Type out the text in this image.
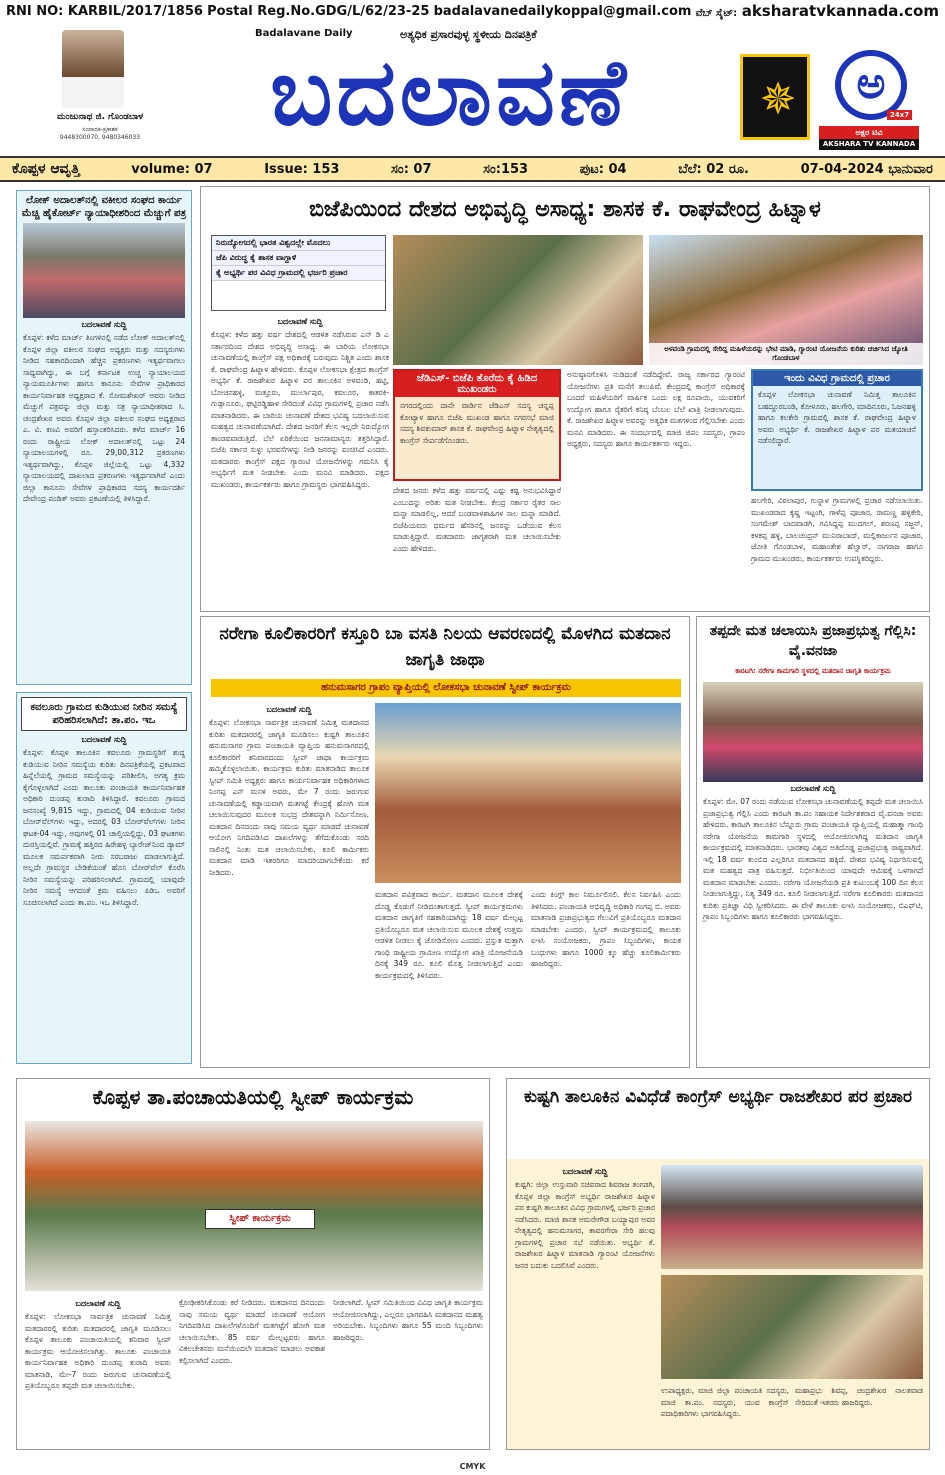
RNI NO: KARBIL/2017/1856 Postal Reg.No.GDG/L/62/23-25 badalavanedailykoppal@gmail.com ವೆಬ್ ಸೈಟ್: aksharatvkannada.com
ಮಂಜುನಾಥ ಜಿ. ಗೊಂಡಬಾಳ
ಸಂಪಾದಕ-ಪ್ರಕಾಶಕ
9448300070, 9480346033
Badalavane Daily	ಅತ್ಯಧಿಕ ಪ್ರಸಾರವುಳ್ಳ ಸ್ಥಳೀಯ ದಿನಪತ್ರಿಕೆ
ಬದಲಾವಣೆ	✵	ಅ
24x7
ಅಕ್ಷರ ಟಿವಿ
AKSHARA TV KANNADA
ಕೊಪ್ಪಳ ಆವೃತ್ತಿ	volume: 07	Issue: 153	ಸಂ: 07	ಸಂ:153	ಪುಟ: 04	ಬೆಲೆ: 02 ರೂ.	07-04-2024 ಭಾನುವಾರ
ಲೋಕ್ ಅದಾಲತ್‌ನಲ್ಲಿ ವಕೀಲರ ಸಂಘದ ಕಾರ್ಯ ಮೆಚ್ಚಿ ಹೈಕೋರ್ಟ್ ನ್ಯಾಯಾಧೀಶರಿಂದ ಮೆಚ್ಚುಗೆ ಪತ್ರ
ಬದಲಾವಣೆ ಸುದ್ದಿ
ಕೊಪ್ಪಳ: ಕಳೆದ ಮಾರ್ಚ್ ತಿಂಗಳಿನಲ್ಲಿ ನಡೆದ ಲೋಕ್ ಅದಾಲತ್‌ನಲ್ಲಿ ಕೊಪ್ಪಳ ಜಿಲ್ಲಾ ವಕೀಲರ ಸಂಘದ ಅಧ್ಯಕ್ಷರು ಮತ್ತು ಸದಸ್ಯರುಗಳು ನೀಡಿದ ಸಹಕಾರದಿಂದಾಗಿ ಹೆಚ್ಚಿನ ಪ್ರಕರಣಗಳು ಇತ್ಯರ್ಥವಾಗಲು ಸಾಧ್ಯವಾಗಿದ್ದು, ಈ ಬಗ್ಗೆ ಕರ್ನಾಟಕ ಉಚ್ಚ ನ್ಯಾಯಾಲಯದ ನ್ಯಾಯಮೂರ್ತಿಗಳು ಹಾಗೂ ಕಾನೂನು ಸೇವೆಗಳ ಪ್ರಾಧಿಕಾರದ ಕಾರ್ಯನಿರ್ವಾಹಕ ಅಧ್ಯಕ್ಷರಾದ ಕೆ. ಸೋಮಶೇಖರ್ ಅವರು ನೀಡಿದ ಮೆಚ್ಚುಗೆ ಪತ್ರವನ್ನು ಜಿಲ್ಲಾ ಮತ್ತು ಸತ್ರ ನ್ಯಾಯಾಧೀಶರಾದ ಸಿ. ಚಂದ್ರಶೇಖರ ಅವರು ಕೊಪ್ಪಳ ಜಿಲ್ಲಾ ವಕೀಲರ ಸಂಘದ ಅಧ್ಯಕ್ಷರಾದ ಎ. ವಿ. ಕಣವಿ ಅವರಿಗೆ ಹಸ್ತಾಂತರಿಸಿದರು. ಕಳೆದ ಮಾರ್ಚ್ 16 ರಂದು ರಾಷ್ಟ್ರೀಯ ಲೋಕ್ ಅದಾಲತ್‌ನಲ್ಲಿ ಒಟ್ಟು 24 ನ್ಯಾಯಾಲಯಗಳಲ್ಲಿ ರೂ. 29,00,312 ಪ್ರಕರಣಗಳು ಇತ್ಯರ್ಥವಾಗಿದ್ದು, ಕೊಪ್ಪಳ ಜಿಲ್ಲೆಯಲ್ಲಿ ಒಟ್ಟು 4,332 ನ್ಯಾಯಾಲಯದಲ್ಲಿ ದಾಖಲಾದ ಪ್ರಕರಣಗಳು ಇತ್ಯರ್ಥವಾಗಿವೆ ಎಂದು ಜಿಲ್ಲಾ ಕಾನೂನು ಸೇವೆಗಳ ಪ್ರಾಧಿಕಾರದ ಸದಸ್ಯ ಕಾರ್ಯದರ್ಶಿ ದೇವೇಂದ್ರ ಪಂಡಿತ್ ಅವರು ಪ್ರಕಟಣೆಯಲ್ಲಿ ತಿಳಿಸಿದ್ದಾರೆ.
ಕವಲೂರು ಗ್ರಾಮದ ಕುಡಿಯುವ ನೀರಿನ ಸಮಸ್ಯೆ ಪರಿಹರಿಸಲಾಗಿದೆ: ತಾ.ಪಂ. ಇಒ
ಬದಲಾವಣೆ ಸುದ್ದಿ
ಕೊಪ್ಪಳ: ಕೊಪ್ಪಳ ತಾಲೂಕಿನ ಕವಲೂರು ಗ್ರಾಮಸ್ಥರಿಗೆ ಶುದ್ಧ ಕುಡಿಯುವ ನೀರಿನ ಸಮಸ್ಯೆಯ ಕುರಿತು ದಿನಪತ್ರಿಕೆಯಲ್ಲಿ ಪ್ರಕಟವಾದ ಹಿನ್ನೆಲೆಯಲ್ಲಿ ಗ್ರಾಮದ ಸಮಸ್ಯೆಯನ್ನು ಪರಿಶೀಲಿಸಿ, ಅಗತ್ಯ ಕ್ರಮ ಕೈಗೊಳ್ಳಲಾಗಿದೆ ಎಂದು ತಾಲೂಕು ಪಂಚಾಯತಿ ಕಾರ್ಯನಿರ್ವಾಹಕ ಅಧಿಕಾರಿ ದುಂಡಪ್ಪ ತುರಾದಿ ತಿಳಿಸಿದ್ದಾರೆ. ಕವಲೂರು ಗ್ರಾಮದ ಜನಸಂಖ್ಯೆ 9,815 ಇದ್ದು, ಗ್ರಾಮದಲ್ಲಿ 04 ಕುಡಿಯುವ ನೀರಿನ ಬೋರ್‌ವೆಲ್‌ಗಳು ಇದ್ದು, ಅದರಲ್ಲಿ 03 ಬೋರ್‌ವೆಲ್‌ಗಳು ನೀರಿನ ಘಟಕ-04 ಇದ್ದು, ಅವುಗಳಲ್ಲಿ 01 ಚಾಲ್ತಿಯಲ್ಲಿದ್ದು, 03 ಘಟಕಗಳು ದುರಸ್ತಿಯಲ್ಲಿವೆ. ಗ್ರಾಮಕ್ಕೆ ಹತ್ತಿರದ ಹಿರೇಹಳ್ಳ ಬ್ಯಾರೇಜ್‌ನಿಂದ ಡ್ಯಾಮ್ ಮೂಲಕ ಸಮರ್ಪಕವಾಗಿ ನೀರು ಸರಬರಾಜು ಮಾಡಲಾಗುತ್ತಿದೆ. ಅಲ್ಲದೇ ಗ್ರಾಮಸ್ಥರ ಬೇಡಿಕೆಯಂತೆ ಹೊಸ ಬೋರ್‌ವೆಲ್ ಕೊರೆಸಿ ನೀರಿನ ಸಮಸ್ಯೆಯನ್ನು ಪರಿಹರಿಸಲಾಗಿದೆ. ಗ್ರಾಮದಲ್ಲಿ ಯಾವುದೇ ನೀರಿನ ಸಮಸ್ಯೆ ಆಗದಂತೆ ಕ್ರಮ ವಹಿಸಲು ಪಿಡಿಒ ಅವರಿಗೆ ಸೂಚಿಸಲಾಗಿದೆ ಎಂದು ತಾ.ಪಂ. ಇಒ ತಿಳಿಸಿದ್ದಾರೆ.
ಬಿಜೆಪಿಯಿಂದ ದೇಶದ ಅಭಿವೃದ್ಧಿ ಅಸಾಧ್ಯ: ಶಾಸಕ ಕೆ. ರಾಘವೇಂದ್ರ ಹಿಟ್ನಾಳ
ನಿರುದ್ಯೋಗದಲ್ಲಿ ಭಾರತ ವಿಶ್ವದಲ್ಲೇ ಮೊದಲು
ಜೆಪಿ ವಿರುದ್ಧ ಕೈ ಶಾಸಕ ವಾಗ್ದಾಳಿ
ಕೈ ಅಭ್ಯರ್ಥಿ ಪರ ವಿವಿಧ ಗ್ರಾಮದಲ್ಲಿ ಭರ್ಜರಿ ಪ್ರಚಾರ
ಬದಲಾವಣೆ ಸುದ್ದಿ
ಕೊಪ್ಪಳ: ಕಳೆದ ಹತ್ತು ವರ್ಷ ದೇಶದಲ್ಲಿ ಆಡಳಿತ ನಡೆಸಿರುವ ಎನ್ ಡಿ ಎ ಸರ್ಕಾರದಿಂದ ದೇಶದ ಅಭಿವೃದ್ಧಿ ಅಸಾಧ್ಯ. ಈ ಬಾರಿಯ ಲೋಕಸಭಾ ಚುನಾವಣೆಯಲ್ಲಿ ಕಾಂಗ್ರೆಸ್ ಪಕ್ಷ ಅಧಿಕಾರಕ್ಕೆ ಬರುವುದು ನಿಶ್ಚಿತ ಎಂದು ಶಾಸಕ ಕೆ. ರಾಘವೇಂದ್ರ ಹಿಟ್ನಾಳ ಹೇಳಿದರು. ಕೊಪ್ಪಳ ಲೋಕಸಭಾ ಕ್ಷೇತ್ರದ ಕಾಂಗ್ರೆಸ್ ಅಭ್ಯರ್ಥಿ ಕೆ. ರಾಜಶೇಖರ ಹಿಟ್ನಾಳ ಪರ ತಾಲೂಕಿನ ಅಳವಂಡಿ, ಹಟ್ಟಿ, ಬೋಚನಹಳ್ಳಿ, ಮತ್ತೂರು, ಮುರ್ಲಾಪುರ, ಕವಲೂರ, ಕಾತರಕಿ-ಗುಡ್ಲಾನೂರು, ಘಟ್ಟಿರಡ್ಡಿಹಾಳ ಸೇರಿದಂತೆ ವಿವಿಧ ಗ್ರಾಮಗಳಲ್ಲಿ ಪ್ರಚಾರ ನಡೆಸಿ ಮಾತನಾಡಿದರು. ಈ ಬಾರಿಯ ಚುನಾವಣೆ ದೇಶದ ಭವಿಷ್ಯ ಬದಲಾಯಿಸುವ ಮಹತ್ವದ ಚುನಾವಣೆಯಾಗಿದೆ. ದೇಶದ ಜನರಿಗೆ ಕೆಲಸ ಇಲ್ಲದೇ ನಿರುದ್ಯೋಗ ತಾಂಡವವಾಡುತ್ತಿದೆ. ಬೆಲೆ ಏರಿಕೆಯಿಂದ ಜನಸಾಮಾನ್ಯರು ತತ್ತರಿಸಿದ್ದಾರೆ. ಬಿಜೆಪಿ ಸರ್ಕಾರ ಸುಳ್ಳು ಭರವಸೆಗಳನ್ನು ನೀಡಿ ಜನರನ್ನು ವಂಚಿಸಿದೆ ಎಂದರು. ಮತದಾರರು ಕಾಂಗ್ರೆಸ್ ಪಕ್ಷದ ಗ್ಯಾರಂಟಿ ಯೋಜನೆಗಳನ್ನು ಗಮನಿಸಿ ಕೈ ಅಭ್ಯರ್ಥಿಗೆ ಮತ ನೀಡಬೇಕು ಎಂದು ಮನವಿ ಮಾಡಿದರು. ಪಕ್ಷದ ಮುಖಂಡರು, ಕಾರ್ಯಕರ್ತರು ಹಾಗೂ ಗ್ರಾಮಸ್ಥರು ಭಾಗವಹಿಸಿದ್ದರು.
ಅಳವಂಡಿ ಗ್ರಾಮದಲ್ಲಿ ಸೇರಿದ್ದ ಮಹಿಳೆಯರನ್ನು ಭೇಟಿ ಮಾಡಿ, ಗ್ಯಾರಂಟಿ ಯೋಜನೆಯ ಕುರಿತು ಚರ್ಚಿಸಿದ ಜ್ಯೋತಿ ಗೊಂಡಬಾಳ
ಜೆಡಿಎಸ್- ಬಿಜೆಪಿ ತೊರೆದು ಕೈ ಹಿಡಿದ ಮುಖಂಡರು
ನಗರದಲ್ಲಿಂದು ದಾನೇ ವಾರ್ಡಿನ ಜೆಡಿಎಸ್ ಸದಸ್ಯ ಚನ್ನಪ್ಪ ಕೋಟ್ಯಾಳ ಹಾಗೂ ಬಿಜೆಪಿ ಮುಖಂಡ ಹಾಗೂ ನಗರಸಭೆ ಮಾಜಿ ಸದಸ್ಯ ಶಿವಕುಮಾರ್ ಶಾಸಕ ಕೆ. ರಾಘವೇಂದ್ರ ಹಿಟ್ನಾಳ ನೇತೃತ್ವದಲ್ಲಿ ಕಾಂಗ್ರೆಸ್ ಸೇರ್ಪಡೆಗೊಂಡರು.
ದೇಶದ ಜನರು ಕಳೆದ ಹತ್ತು ವರ್ಷದಲ್ಲಿ ಎಷ್ಟು ಕಷ್ಟ ಅನುಭವಿಸಿದ್ದಾರೆ ಎಂಬುದನ್ನು ಅರಿತು ಮತ ನೀಡಬೇಕು. ಕೇಂದ್ರ ಸರ್ಕಾರ ರೈತರ ಸಾಲ ಮನ್ನಾ ಮಾಡಲಿಲ್ಲ, ಆದರೆ ಬಂಡವಾಳಶಾಹಿಗಳ ಸಾಲ ಮನ್ನಾ ಮಾಡಿದೆ. ಬಿಜೆಪಿಯವರು ಧರ್ಮದ ಹೆಸರಿನಲ್ಲಿ ಜನರನ್ನು ಒಡೆಯುವ ಕೆಲಸ ಮಾಡುತ್ತಿದ್ದಾರೆ. ಮತದಾರರು ಜಾಗೃತರಾಗಿ ಮತ ಚಲಾಯಿಸಬೇಕು ಎಂದು ಹೇಳಿದರು.
ಅನುಷ್ಠಾನಗೊಳಿಸಿ ನುಡಿದಂತೆ ನಡೆದಿದ್ದೇವೆ. ರಾಜ್ಯ ಸರ್ಕಾರದ ಗ್ಯಾರಂಟಿ ಯೋಜನೆಗಳು ಪ್ರತಿ ಮನೆಗೆ ತಲುಪಿವೆ. ಕೇಂದ್ರದಲ್ಲಿ ಕಾಂಗ್ರೆಸ್ ಅಧಿಕಾರಕ್ಕೆ ಬಂದರೆ ಮಹಿಳೆಯರಿಗೆ ವಾರ್ಷಿಕ ಒಂದು ಲಕ್ಷ ರೂಪಾಯಿ, ಯುವಕರಿಗೆ ಉದ್ಯೋಗ ಹಾಗೂ ರೈತರಿಗೆ ಕನಿಷ್ಠ ಬೆಂಬಲ ಬೆಲೆ ಖಾತ್ರಿ ನೀಡಲಾಗುವುದು. ಕೆ. ರಾಜಶೇಖರ ಹಿಟ್ನಾಳ ಅವರನ್ನು ಅತ್ಯಧಿಕ ಮತಗಳಿಂದ ಗೆಲ್ಲಿಸಬೇಕು ಎಂದು ಮನವಿ ಮಾಡಿದರು. ಈ ಸಂದರ್ಭದಲ್ಲಿ ಮಾಜಿ ಜಿಪಂ ಸದಸ್ಯರು, ಗ್ರಾಪಂ ಅಧ್ಯಕ್ಷರು, ಸದಸ್ಯರು ಹಾಗೂ ಕಾರ್ಯಕರ್ತರು ಇದ್ದರು.
ಇಂದು ವಿವಿಧ ಗ್ರಾಮದಲ್ಲಿ ಪ್ರಚಾರ
ಕೊಪ್ಪಳ ಲೋಕಸಭಾ ಚುನಾವಣೆ ನಿಮಿತ್ತ ತಾಲೂಕಿನ ಬಹದ್ದೂರಬಂಡಿ, ಕೋಳೂರು, ಹಲಗೇರಿ, ಮಾದಿನೂರು, ಓಜನಹಳ್ಳಿ ಹಾಗೂ ಕಲಕೇರಿ ಗ್ರಾಮದಲ್ಲಿ ಶಾಸಕ ಕೆ. ರಾಘವೇಂದ್ರ ಹಿಟ್ನಾಳ ಅವರು ಅಭ್ಯರ್ಥಿ ಕೆ. ರಾಜಶೇಖರ ಹಿಟ್ನಾಳ ಪರ ಮತಯಾಚನೆ ನಡೆಸಲಿದ್ದಾರೆ.
ಹಲಗೇರಿ, ವಿಠಲಾಪುರ, ಗುನ್ನಾಳ ಗ್ರಾಮಗಳಲ್ಲಿ ಪ್ರಚಾರ ನಡೆಸಲಾಯಿತು. ಮುಖಂಡರಾದ ಕೃಷ್ಣ ಇಟ್ಟಂಗಿ, ಗಾಳೆಪ್ಪ ಪೂಜಾರ, ರಾಮಣ್ಣ ಹಳ್ಳಿಕೇರಿ, ಸಂಗಮೇಶ್ ಬಾದವಾಡಗಿ, ಗವಿಸಿದ್ದಪ್ಪ ಮುದಗಲ್, ಶರಣಪ್ಪ ಸಜ್ಜನ್, ಕಳಕಪ್ಪ ಹಳ್ಳಿ, ಬಾಲಚಂದ್ರನ್ ಮುನಿರಾಬಾದ್, ಮಲ್ಲಿಕಾರ್ಜುನ ಪೂಜಾರ, ಜೋತಿ ಗೊಂಡಬಾಳ, ಮಹಾಂತೇಶ ಹೆಲ್ವಾರ್, ನಾಗರಾಜ ಹಾಗೂ ಗ್ರಾಮದ ಮುಖಂಡರು, ಕಾರ್ಯಕರ್ತರು ಉಪಸ್ಥಿತರಿದ್ದರು.
ನರೇಗಾ ಕೂಲಿಕಾರರಿಗೆ ಕಸ್ತೂರಿ ಬಾ ವಸತಿ ನಿಲಯ ಆವರಣದಲ್ಲಿ ಮೊಳಗಿದ ಮತದಾನ ಜಾಗೃತಿ ಜಾಥಾ
ಹನುಮಸಾಗರ ಗ್ರಾಪಂ ವ್ಯಾಪ್ತಿಯಲ್ಲಿ ಲೋಕಸಭಾ ಚುನಾವಣೆ ಸ್ವೀಪ್ ಕಾರ್ಯಕ್ರಮ
ಬದಲಾವಣೆ ಸುದ್ದಿ
ಕೊಪ್ಪಳ: ಲೋಕಸಭಾ ಸಾರ್ವತ್ರಿಕ ಚುನಾವಣೆ ನಿಮಿತ್ತ ಮತದಾನದ ಕುರಿತು ಮತದಾರರಲ್ಲಿ ಜಾಗೃತಿ ಮೂಡಿಸಲು ಕುಷ್ಟಗಿ ತಾಲೂಕಿನ ಹನುಮಸಾಗರ ಗ್ರಾಮ ಪಂಚಾಯತಿ ವ್ಯಾಪ್ತಿಯ ಹನುಮಸಾಗರದಲ್ಲಿ ಕೂಲಿಕಾರರಿಗೆ ಶನಿವಾರದಂದು ಸ್ವೀಪ್ ಜಾಥಾ ಕಾರ್ಯಕ್ರಮ ಹಮ್ಮಿಕೊಳ್ಳಲಾಯಿತು. ಕಾರ್ಯಕ್ರಮ ಕುರಿತು ಮಾತನಾಡಿದ ತಾಲೂಕ ಸ್ವೀಪ್ ಸಮಿತಿ ಅಧ್ಯಕ್ಷರು ಹಾಗೂ ಕಾರ್ಯನಿರ್ವಾಹಕ ಅಧಿಕಾರಿಗಳಾದ ನಿಂಗಪ್ಪ ಎನ್ ಮಸಳಿ ಅವರು, ಮೇ 7 ರಂದು ಜರುಗುವ ಚುನಾವಣೆಯಲ್ಲಿ ಕಡ್ಡಾಯವಾಗಿ ಮತಗಟ್ಟೆ ಕೇಂದ್ರಕ್ಕೆ ಹೋಗಿ ಮತ ಚಲಾಯಿಸುವುದರ ಮೂಲಕ ಸುಭದ್ರ ದೇಶವನ್ನಾಗಿ ನಿರ್ಮಿಸೋಣ. ಮತದಾನ ದಿನದಂದು ನಾವು ಸಮಯ ವ್ಯರ್ಥ ಮಾಡದೆ ಚುನಾವಣೆ ಆಯೋಗ ನಿಗದಿಪಡಿಸಿದ ದಾಖಲೆಗಳನ್ನು ತೆಗೆದುಕೊಂಡು ಸರದಿ ಸಾಲಿನಲ್ಲಿ ನಿಂತು ಮತ ಚಲಾಯಿಸಬೇಕು. ಕೂಲಿ ಕಾರ್ಮಿಕರು ಮತದಾನ ಮಾಡಿ ಇತರರಿಗೂ ಮಾದರಿಯಾಗಬೇಕೆಂದು ಕರೆ ನೀಡಿದರು.
ಮತದಾನ ಪವಿತ್ರವಾದ ಕಾರ್ಯ. ಮತದಾನ ಮೂಲಕ ದೇಶಕ್ಕೆ ದೊಡ್ಡ ಕೊಡುಗೆ ನೀಡಿದಂತಾಗುತ್ತದೆ. ಸ್ವೀಪ್ ಕಾರ್ಯಕ್ರಮಗಳು ಮತದಾನ ಜಾಗೃತಿಗೆ ಸಹಕಾರಿಯಾಗಿದ್ದು 18 ವರ್ಷ ಮೇಲ್ಪಟ್ಟ ಪ್ರತಿಯೊಬ್ಬರೂ ಮತ ಚಲಾಯಿಸುವ ಮೂಲಕ ದೇಶಕ್ಕೆ ಉತ್ತಮ ಆಡಳಿತ ನೀಡಲು ಕೈ ಜೋಡಿಸೋಣ ಎಂದರು. ಪ್ರಸ್ತುತ ಮತ್ತಾಗಿ ಗಾಂಧಿ ರಾಷ್ಟ್ರೀಯ ಗ್ರಾಮೀಣ ಉದ್ಯೋಗ ಖಾತ್ರಿ ಯೋಜನೆಯಡಿ ದಿನಕ್ಕೆ 349 ರೂ. ಕೂಲಿ ಮೊತ್ತ ನೀಡಲಾಗುತ್ತಿದೆ ಎಂದು ಕಾರ್ಯಕ್ರಮದಲ್ಲಿ ತಿಳಿಸಿದರು.
ಎಂದು ಕಿಂಗ್ಲ್ ಕಾಲ ನಿರ್ಮೂಲಿಸಲಿ. ಕೆಲಸ ನಿರ್ವಹಿಸಿ ಎಂದು ತಿಳಿಸಿದರು. ಪಂಚಾಯತಿ ಅಭಿವೃದ್ಧಿ ಅಧಿಕಾರಿ ಗಂಗಪ್ಪ ಬಿ. ಅವರು ಮಾತನಾಡಿ ಪ್ರಜಾಪ್ರಭುತ್ವದ ಗೆಲುವಿಗೆ ಪ್ರತಿಯೊಬ್ಬರೂ ಮತದಾನ ಮಾಡಬೇಕು ಎಂದರು. ಸ್ವೀಪ್ ಕಾರ್ಯಕ್ರಮದಲ್ಲಿ ತಾಲೂಕು ಐಇಸಿ ಸಂಯೋಜಕರು, ಗ್ರಾಪಂ ಸಿಬ್ಬಂದಿಗಳು, ಕಾಯಕ ಬಂಧುಗಳು ಹಾಗೂ 1000 ಕ್ಕೂ ಹೆಚ್ಚು ಕೂಲಿಕಾರ್ಮಿಕರು ಹಾಜರಿದ್ದರು.
ತಪ್ಪದೇ ಮತ ಚಲಾಯಿಸಿ ಪ್ರಜಾಪ್ರಭುತ್ವ ಗೆಲ್ಲಿಸಿ: ವೈ.ವನಜಾ
ಕಾರಟಗಿ: ನರೇಗಾ ಕಾಮಗಾರಿ ಸ್ಥಳದಲ್ಲಿ ಮತದಾನ ಜಾಗೃತಿ ಕಾರ್ಯಕ್ರಮ
ಬದಲಾವಣೆ ಸುದ್ದಿ
ಕೊಪ್ಪಳ: ಮೇ. 07 ರಂದು ನಡೆಯುವ ಲೋಕಸಭಾ ಚುನಾವಣೆಯಲ್ಲಿ ತಪ್ಪದೇ ಮತ ಚಲಾಯಿಸಿ ಪ್ರಜಾಪ್ರಭುತ್ವ ಗೆಲ್ಲಿಸಿ ಎಂದು ಕಾರಟಗಿ ತಾ.ಪಂ ಸಹಾಯಕ ನಿರ್ದೇಶಕರಾದ ವೈ.ವನಜಾ ಅವರು ಹೇಳಿದರು. ಕಾರಟಗಿ ತಾಲೂಕಿನ ಬೆನ್ನೂರು ಗ್ರಾಮ ಪಂಚಾಯತಿ ವ್ಯಾಪ್ತಿಯಲ್ಲಿ ಮಹಾತ್ಮಾ ಗಾಂಧಿ ನರೇಗಾ ಯೋಜನೆಯ ಕಾಮಗಾರಿ ಸ್ಥಳದಲ್ಲಿ ಆಯೋಜಿಸಲಾಗಿದ್ದ ಮತದಾನ ಜಾಗೃತಿ ಕಾರ್ಯಕ್ರಮದಲ್ಲಿ ಮಾತನಾಡಿದರು. ಭಾರತವು ವಿಶ್ವದ ಅತಿದೊಡ್ಡ ಪ್ರಜಾಪ್ರಭುತ್ವ ರಾಷ್ಟ್ರವಾಗಿದೆ. ಇಲ್ಲಿ 18 ವರ್ಷ ತುಂಬಿದ ಎಲ್ಲರಿಗೂ ಮತದಾನದ ಹಕ್ಕಿದೆ. ದೇಶದ ಭವಿಷ್ಯ ನಿರ್ಧರಿಸುವಲ್ಲಿ ಮತ ಮಹತ್ವದ ಪಾತ್ರ ವಹಿಸುತ್ತದೆ. ನಿರ್ಭೀತಿಯಿಂದ ಯಾವುದೇ ಆಮಿಷಕ್ಕೆ ಒಳಗಾಗದೆ ಮತದಾನ ಮಾಡಬೇಕು ಎಂದರು. ನರೇಗಾ ಯೋಜನೆಯಡಿ ಪ್ರತಿ ಕುಟುಂಬಕ್ಕೆ 100 ದಿನ ಕೆಲಸ ನೀಡಲಾಗುತ್ತಿದ್ದು, ನಿತ್ಯ 349 ರೂ. ಕೂಲಿ ನೀಡಲಾಗುತ್ತಿದೆ. ನರೇಗಾ ಕೂಲಿಕಾರರು ಮತದಾನದ ಕುರಿತು ಪ್ರತಿಜ್ಞಾ ವಿಧಿ ಸ್ವೀಕರಿಸಿದರು. ಈ ವೇಳೆ ತಾಲೂಕು ಐಇಸಿ ಸಂಯೋಜಕರು, ಬಿಎಫ್‌ಟಿ, ಗ್ರಾಪಂ ಸಿಬ್ಬಂದಿಗಳು ಹಾಗೂ ಕೂಲಿಕಾರರು ಭಾಗವಹಿಸಿದ್ದರು.
ಕೊಪ್ಪಳ ತಾ.ಪಂಚಾಯತಿಯಲ್ಲಿ ಸ್ವೀಪ್ ಕಾರ್ಯಕ್ರಮ
ಸ್ವೀಪ್ ಕಾರ್ಯಕ್ರಮ
ಬದಲಾವಣೆ ಸುದ್ದಿ
ಕೊಪ್ಪಳ: ಲೋಕಸಭಾ ಸಾರ್ವತ್ರಿಕ ಚುನಾವಣೆ ನಿಮಿತ್ತ ಮತದಾರರಲ್ಲಿ ಕುರಿತು ಮತದಾರರಲ್ಲಿ ಜಾಗೃತಿ ಮೂಡಿಸಲು ಕೊಪ್ಪಳ ತಾಲೂಕು ಪಂಚಾಯತಿಯಲ್ಲಿ ಶನಿವಾರ ಸ್ವೀಪ್ ಕಾರ್ಯಕ್ರಮ ಆಯೋಜಿಸಲಾಗಿತ್ತು. ತಾಲೂಕು ಪಂಚಾಯತಿ ಕಾರ್ಯನಿರ್ವಾಹಕ ಅಧಿಕಾರಿ ದುಂಡಪ್ಪ ತುರಾದಿ ಅವರು ಮಾತನಾಡಿ, ಮೇ-7 ರಂದು ಜರುಗುವ ಚುನಾವಣೆಯಲ್ಲಿ ಪ್ರತಿಯೊಬ್ಬರೂ ತಪ್ಪದೇ ಮತ ಚಲಾಯಿಸಬೇಕು.
ಕ್ರೋಢೀಕರಿಸಿಕೊಂಡು ಕರೆ ನೀಡಿದರು. ಮತದಾನದ ದಿನದಂದು ನಾವು ಸಮಯ ವ್ಯರ್ಥ ಮಾಡದೆ ಚುನಾವಣೆ ಆಯೋಗ ನಿಗದಿಪಡಿಸಿದ ದಾಖಲೆಗಳೊಂದಿಗೆ ಮತಗಟ್ಟೆಗೆ ಹೋಗಿ ಮತ ಚಲಾಯಿಸಬೇಕು. 85 ವರ್ಷ ಮೇಲ್ಪಟ್ಟವರು ಹಾಗೂ ವಿಕಲಚೇತನರು ಮನೆಯಿಂದಲೇ ಮತದಾನ ಮಾಡಲು ಅವಕಾಶ ಕಲ್ಪಿಸಲಾಗಿದೆ ಎಂದರು.
ನೀಡಲಾಗಿದೆ. ಸ್ವೀಪ್ ಸಮಿತಿಯಿಂದ ವಿವಿಧ ಜಾಗೃತಿ ಕಾರ್ಯಕ್ರಮ ಆಯೋಜಿಸಲಾಗಿದ್ದು, ಎಲ್ಲರೂ ಭಾಗವಹಿಸಿ ಮತದಾನದ ಮಹತ್ವ ಅರಿಯಬೇಕು. ಸಿಬ್ಬಂದಿಗಳು ಹಾಗೂ 55 ಮಂದಿ ಸಿಬ್ಬಂದಿಗಳು ಹಾಜರಿದ್ದರು.
ಕುಷ್ಟಗಿ ತಾಲೂಕಿನ ವಿವಿಧೆಡೆ ಕಾಂಗ್ರೆಸ್ ಅಭ್ಯರ್ಥಿ ರಾಜಶೇಖರ ಪರ ಪ್ರಚಾರ
ಬದಲಾವಣೆ ಸುದ್ದಿ
ಕುಷ್ಟಗಿ: ಜಿಲ್ಲಾ ಉಸ್ತುವಾರಿ ಸಚಿವರಾದ ಶಿವರಾಜ ತಂಗಡಗಿ, ಕೊಪ್ಪಳ ಜಿಲ್ಲಾ ಕಾಂಗ್ರೆಸ್ ಅಭ್ಯರ್ಥಿ ರಾಜಶೇಖರ ಹಿಟ್ನಾಳ ಪರ ಕುಷ್ಟಗಿ ತಾಲೂಕಿನ ವಿವಿಧ ಗ್ರಾಮಗಳಲ್ಲಿ ಭರ್ಜರಿ ಪ್ರಚಾರ ನಡೆಸಿದರು. ಮಾಜಿ ಶಾಸಕ ಅಮರೇಗೌಡ ಬಯ್ಯಾಪುರ ಅವರ ನೇತೃತ್ವದಲ್ಲಿ ಹನುಮಸಾಗರ, ತಾವರಗೇರಾ ಸೇರಿ ಹಲವು ಗ್ರಾಮಗಳಲ್ಲಿ ಪ್ರಚಾರ ಸಭೆ ನಡೆಯಿತು. ಅಭ್ಯರ್ಥಿ ಕೆ. ರಾಜಶೇಖರ ಹಿಟ್ನಾಳ ಮಾತನಾಡಿ ಗ್ಯಾರಂಟಿ ಯೋಜನೆಗಳು ಜನರ ಬದುಕು ಬದಲಿಸಿವೆ ಎಂದರು.
ಉಪಾಧ್ಯಕ್ಷರು, ಮಾಜಿ ಜಿಲ್ಲಾ ಪಂಚಾಯತಿ ಸದಸ್ಯರು, ಮಾಜಿ ತಾ.ಪಂ. ಸದಸ್ಯರು, ಯುವ ಕಾಂಗ್ರೆಸ್ ಪದಾಧಿಕಾರಿಗಳು ಭಾಗವಹಿಸಿದ್ದರು.
ಮಹಾಪ್ರಭು ಶಿವಪ್ಪ, ಚಂದ್ರಶೇಖರ ನಾಲತವಾಡ ಸೇರಿದಂತೆ ಇತರರು ಹಾಜರಿದ್ದರು.
CMYK
